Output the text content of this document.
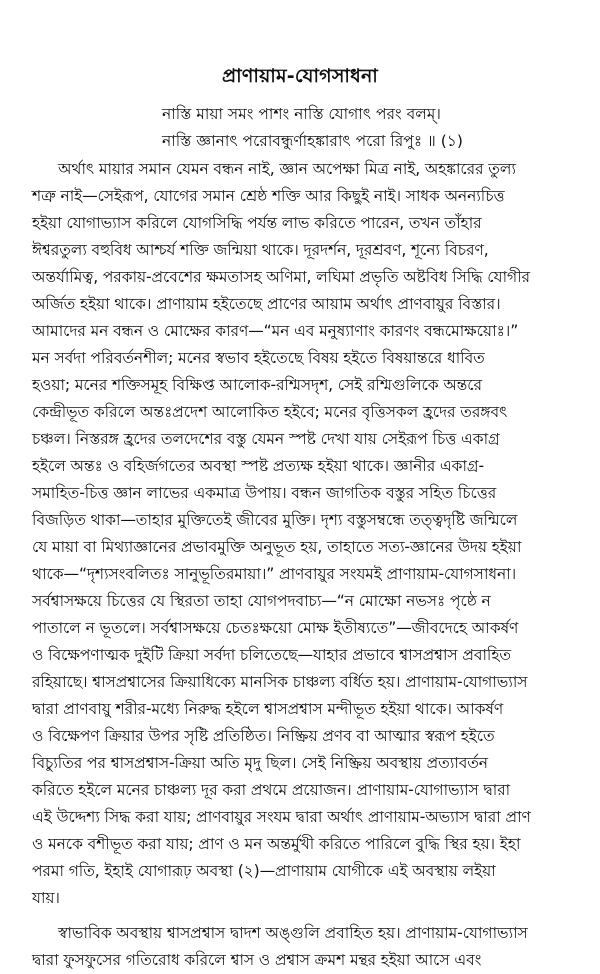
প্রাণায়াম-যোগসাধনা
নাস্তি মায়া সমং পাশং নাস্তি যোগাৎ পরং বলম্‌।
নাস্তি জ্ঞানাৎ পরোবন্ধুর্ণাহঙ্কারাৎ পরো রিপুঃ ॥ (১)
অর্থাৎ মায়ার সমান যেমন বন্ধন নাই, জ্ঞান অপেক্ষা মিত্র নাই, অহঙ্কারের তুল্য
শত্রু নাই—সেইরূপ, যোগের সমান শ্রেষ্ঠ শক্তি আর কিছুই নাই। সাধক অনন্যচিত্ত
হইয়া যোগাভ্যাস করিলে যোগসিদ্ধি পর্যন্ত লাভ করিতে পারেন, তখন তাঁহার
ঈশ্বরতুল্য বহুবিধ আশ্চর্য শক্তি জন্মিয়া থাকে। দূরদর্শন, দূরশ্রবণ, শূন্যে বিচরণ,
অন্তর্যামিত্ব, পরকায়-প্রবেশের ক্ষমতাসহ অণিমা, লঘিমা প্রভৃতি অষ্টবিধ সিদ্ধি যোগীর
অর্জিত হইয়া থাকে। প্রাণায়াম হইতেছে প্রাণের আয়াম অর্থাৎ প্রাণবায়ুর বিস্তার।
আমাদের মন বন্ধন ও মোক্ষের কারণ—“মন এব মনুষ্যাণাং কারণং বন্ধমোক্ষয়োঃ।”
মন সর্বদা পরিবর্তনশীল; মনের স্বভাব হইতেছে বিষয় হইতে বিষয়ান্তরে ধাবিত
হওয়া; মনের শক্তিসমূহ বিক্ষিপ্ত আলোক-রশ্মিসদৃশ, সেই রশ্মিগুলিকে অন্তরে
কেন্দ্রীভূত করিলে অন্তঃপ্রদেশ আলোকিত হইবে; মনের বৃত্তিসকল হ্রদের তরঙ্গবৎ
চঞ্চল। নিস্তরঙ্গ হ্রদের তলদেশের বস্তু যেমন স্পষ্ট দেখা যায় সেইরূপ চিত্ত একাগ্র
হইলে অন্তঃ ও বহির্জগতের অবস্থা স্পষ্ট প্রত্যক্ষ হইয়া থাকে। জ্ঞানীর একাগ্র-
সমাহিত-চিত্ত জ্ঞান লাভের একমাত্র উপায়। বন্ধন জাগতিক বস্তুর সহিত চিত্তের
বিজড়িত থাকা—তাহার মুক্তিতেই জীবের মুক্তি। দৃশ্য বস্তুসম্বন্ধে তত্ত্বদৃষ্টি জন্মিলে
যে মায়া বা মিথ্যাজ্ঞানের প্রভাবমুক্তি অনুভূত হয়, তাহাতে সত্য-জ্ঞানের উদয় হইয়া
থাকে—“দৃশ্যসংবলিতঃ সানুভূতিরমায়া।” প্রাণবায়ুর সংযমই প্রাণায়াম-যোগসাধনা।
সর্বশ্বাসক্ষয়ে চিত্তের যে স্থিরতা তাহা যোগপদবাচ্য—“ন মোক্ষো নভসঃ পৃষ্ঠে ন
পাতালে ন ভূতলে। সর্বশ্বাসক্ষয়ে চেতঃক্ষয়ো মোক্ষ ইতীষ্যতে”—জীবদেহে আকর্ষণ
ও বিক্ষেপণাত্মক দুইটি ক্রিয়া সর্বদা চলিতেছে—যাহার প্রভাবে শ্বাসপ্রশ্বাস প্রবাহিত
রহিয়াছে। শ্বাসপ্রশ্বাসের ক্রিয়াধিক্যে মানসিক চাঞ্চল্য বর্ধিত হয়। প্রাণায়াম-যোগাভ্যাস
দ্বারা প্রাণবায়ু শরীর-মধ্যে নিরুদ্ধ হইলে শ্বাসপ্রশ্বাস মন্দীভূত হইয়া থাকে। আকর্ষণ
ও বিক্ষেপণ ক্রিয়ার উপর সৃষ্টি প্রতিষ্ঠিত। নিষ্ক্রিয় প্রণব বা আত্মার স্বরূপ হইতে
বিচ্যুতির পর শ্বাসপ্রশ্বাস-ক্রিয়া অতি মৃদু ছিল। সেই নিষ্ক্রিয় অবস্থায় প্রত্যাবর্তন
করিতে হইলে মনের চাঞ্চল্য দূর করা প্রথমে প্রয়োজন। প্রাণায়াম-যোগাভ্যাস দ্বারা
এই উদ্দেশ্য সিদ্ধ করা যায়; প্রাণবায়ুর সংযম দ্বারা অর্থাৎ প্রাণায়াম-অভ্যাস দ্বারা প্রাণ
ও মনকে বশীভূত করা যায়; প্রাণ ও মন অন্তর্মুখী করিতে পারিলে বুদ্ধি স্থির হয়। ইহা
পরমা গতি, ইহাই যোগারূঢ় অবস্থা (২)—প্রাণায়াম যোগীকে এই অবস্থায় লইয়া
যায়।
স্বাভাবিক অবস্থায় শ্বাসপ্রশ্বাস দ্বাদশ অঙ্গুলি প্রবাহিত হয়। প্রাণায়াম-যোগাভ্যাস
দ্বারা ফুসফুসের গতিরোধ করিলে শ্বাস ও প্রশ্বাস ক্রমশ মন্থর হইয়া আসে এবং
